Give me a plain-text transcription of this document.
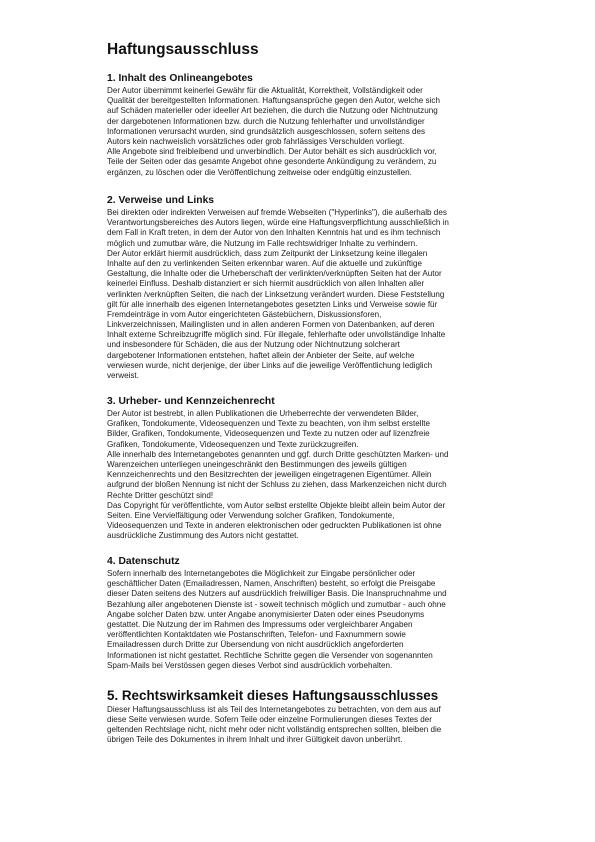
Haftungsausschluss
1. Inhalt des Onlineangebotes
Der Autor übernimmt keinerlei Gewähr für die Aktualität, Korrektheit, Vollständigkeit oder
Qualität der bereitgestellten Informationen. Haftungsansprüche gegen den Autor, welche sich
auf Schäden materieller oder ideeller Art beziehen, die durch die Nutzung oder Nichtnutzung
der dargebotenen Informationen bzw. durch die Nutzung fehlerhafter und unvollständiger
Informationen verursacht wurden, sind grundsätzlich ausgeschlossen, sofern seitens des
Autors kein nachweislich vorsätzliches oder grob fahrlässiges Verschulden vorliegt.
Alle Angebote sind freibleibend und unverbindlich. Der Autor behält es sich ausdrücklich vor,
Teile der Seiten oder das gesamte Angebot ohne gesonderte Ankündigung zu verändern, zu
ergänzen, zu löschen oder die Veröffentlichung zeitweise oder endgültig einzustellen.
2. Verweise und Links
Bei direkten oder indirekten Verweisen auf fremde Webseiten ("Hyperlinks"), die außerhalb des
Verantwortungsbereiches des Autors liegen, würde eine Haftungsverpflichtung ausschließlich in
dem Fall in Kraft treten, in dem der Autor von den Inhalten Kenntnis hat und es ihm technisch
möglich und zumutbar wäre, die Nutzung im Falle rechtswidriger Inhalte zu verhindern.
Der Autor erklärt hiermit ausdrücklich, dass zum Zeitpunkt der Linksetzung keine illegalen
Inhalte auf den zu verlinkenden Seiten erkennbar waren. Auf die aktuelle und zukünftige
Gestaltung, die Inhalte oder die Urheberschaft der verlinkten/verknüpften Seiten hat der Autor
keinerlei Einfluss. Deshalb distanziert er sich hiermit ausdrücklich von allen Inhalten aller
verlinkten /verknüpften Seiten, die nach der Linksetzung verändert wurden. Diese Feststellung
gilt für alle innerhalb des eigenen Internetangebotes gesetzten Links und Verweise sowie für
Fremdeinträge in vom Autor eingerichteten Gästebüchern, Diskussionsforen,
Linkverzeichnissen, Mailinglisten und in allen anderen Formen von Datenbanken, auf deren
Inhalt externe Schreibzugriffe möglich sind. Für illegale, fehlerhafte oder unvollständige Inhalte
und insbesondere für Schäden, die aus der Nutzung oder Nichtnutzung solcherart
dargebotener Informationen entstehen, haftet allein der Anbieter der Seite, auf welche
verwiesen wurde, nicht derjenige, der über Links auf die jeweilige Veröffentlichung lediglich
verweist.
3. Urheber- und Kennzeichenrecht
Der Autor ist bestrebt, in allen Publikationen die Urheberrechte der verwendeten Bilder,
Grafiken, Tondokumente, Videosequenzen und Texte zu beachten, von ihm selbst erstellte
Bilder, Grafiken, Tondokumente, Videosequenzen und Texte zu nutzen oder auf lizenzfreie
Grafiken, Tondokumente, Videosequenzen und Texte zurückzugreifen.
Alle innerhalb des Internetangebotes genannten und ggf. durch Dritte geschützten Marken- und
Warenzeichen unterliegen uneingeschränkt den Bestimmungen des jeweils gültigen
Kennzeichenrechts und den Besitzrechten der jeweiligen eingetragenen Eigentümer. Allein
aufgrund der bloßen Nennung ist nicht der Schluss zu ziehen, dass Markenzeichen nicht durch
Rechte Dritter geschützt sind!
Das Copyright für veröffentlichte, vom Autor selbst erstellte Objekte bleibt allein beim Autor der
Seiten. Eine Vervielfältigung oder Verwendung solcher Grafiken, Tondokumente,
Videosequenzen und Texte in anderen elektronischen oder gedruckten Publikationen ist ohne
ausdrückliche Zustimmung des Autors nicht gestattet.
4. Datenschutz
Sofern innerhalb des Internetangebotes die Möglichkeit zur Eingabe persönlicher oder
geschäftlicher Daten (Emailadressen, Namen, Anschriften) besteht, so erfolgt die Preisgabe
dieser Daten seitens des Nutzers auf ausdrücklich freiwilliger Basis. Die Inanspruchnahme und
Bezahlung aller angebotenen Dienste ist - soweit technisch möglich und zumutbar - auch ohne
Angabe solcher Daten bzw. unter Angabe anonymisierter Daten oder eines Pseudonyms
gestattet. Die Nutzung der im Rahmen des Impressums oder vergleichbarer Angaben
veröffentlichten Kontaktdaten wie Postanschriften, Telefon- und Faxnummern sowie
Emailadressen durch Dritte zur Übersendung von nicht ausdrücklich angeforderten
Informationen ist nicht gestattet. Rechtliche Schritte gegen die Versender von sogenannten
Spam-Mails bei Verstössen gegen dieses Verbot sind ausdrücklich vorbehalten.
5. Rechtswirksamkeit dieses Haftungsausschlusses
Dieser Haftungsausschluss ist als Teil des Internetangebotes zu betrachten, von dem aus auf
diese Seite verwiesen wurde. Sofern Teile oder einzelne Formulierungen dieses Textes der
geltenden Rechtslage nicht, nicht mehr oder nicht vollständig entsprechen sollten, bleiben die
übrigen Teile des Dokumentes in ihrem Inhalt und ihrer Gültigkeit davon unberührt.
